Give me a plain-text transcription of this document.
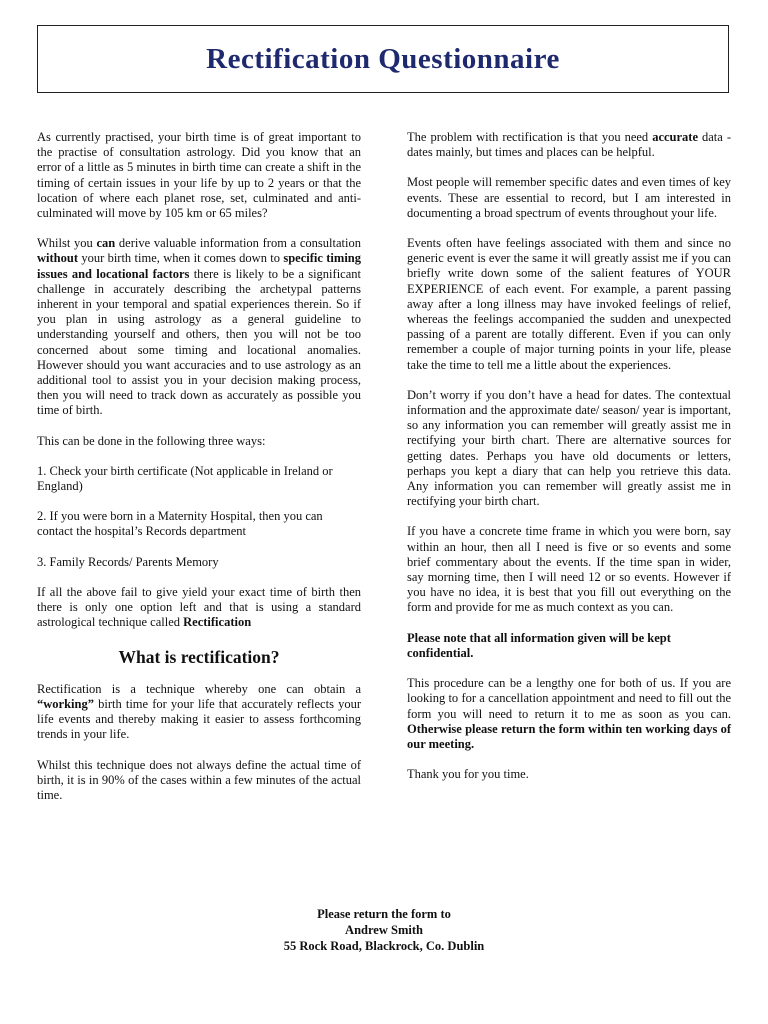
Rectification Questionnaire

As currently practised, your birth time is of great important to the practise of consultation astrology. Did you know that an error of a little as 5 minutes in birth time can create a shift in the timing of certain issues in your life by up to 2 years or that the location of where each planet rose, set, culminated and anti-culminated will move by 105 km or 65 miles?

Whilst you can derive valuable information from a consultation without your birth time, when it comes down to specific timing issues and locational factors there is likely to be a significant challenge in accurately describing the archetypal patterns inherent in your temporal and spatial experiences therein. So if you plan in using astrology as a general guideline to understanding yourself and others, then you will not be too concerned about some timing and locational anomalies. However should you want accuracies and to use astrology as an additional tool to assist you in your decision making process, then you will need to track down as accurately as possible you time of birth.

This can be done in the following three ways:

1. Check your birth certificate (Not applicable in Ireland or England)

2. If you were born in a Maternity Hospital, then you can contact the hospital’s Records department

3. Family Records/ Parents Memory

If all the above fail to give yield your exact time of birth then there is only one option left and that is using a standard astrological technique called Rectification

What is rectification?

Rectification is a technique whereby one can obtain a “working” birth time for your life that accurately reflects your life events and thereby making it easier to assess forthcoming trends in your life.

Whilst this technique does not always define the actual time of birth, it is in 90% of the cases within a few minutes of the actual time.

The problem with rectification is that you need accurate data - dates mainly, but times and places can be helpful.

Most people will remember specific dates and even times of key events. These are essential to record, but I am interested in documenting a broad spectrum of events throughout your life.

Events often have feelings associated with them and since no generic event is ever the same it will greatly assist me if you can briefly write down some of the salient features of YOUR EXPERIENCE of each event. For example, a parent passing away after a long illness may have invoked feelings of relief, whereas the feelings accompanied the sudden and unexpected passing of a parent are totally different. Even if you can only remember a couple of major turning points in your life, please take the time to tell me a little about the experiences.

Don’t worry if you don’t have a head for dates. The contextual information and the approximate date/ season/ year is important, so any information you can remember will greatly assist me in rectifying your birth chart. There are alternative sources for getting dates. Perhaps you have old documents or letters, perhaps you kept a diary that can help you retrieve this data. Any information you can remember will greatly assist me in rectifying your birth chart.

If you have a concrete time frame in which you were born, say within an hour, then all I need is five or so events and some brief commentary about the events. If the time span in wider, say morning time, then I will need 12 or so events. However if you have no idea, it is best that you fill out everything on the form and provide for me as much context as you can.

Please note that all information given will be kept confidential.

This procedure can be a lengthy one for both of us. If you are looking to for a cancellation appointment and need to fill out the form you will need to return it to me as soon as you can. Otherwise please return the form within ten working days of our meeting.

Thank you for you time.

Please return the form to
Andrew Smith
55 Rock Road, Blackrock, Co. Dublin
